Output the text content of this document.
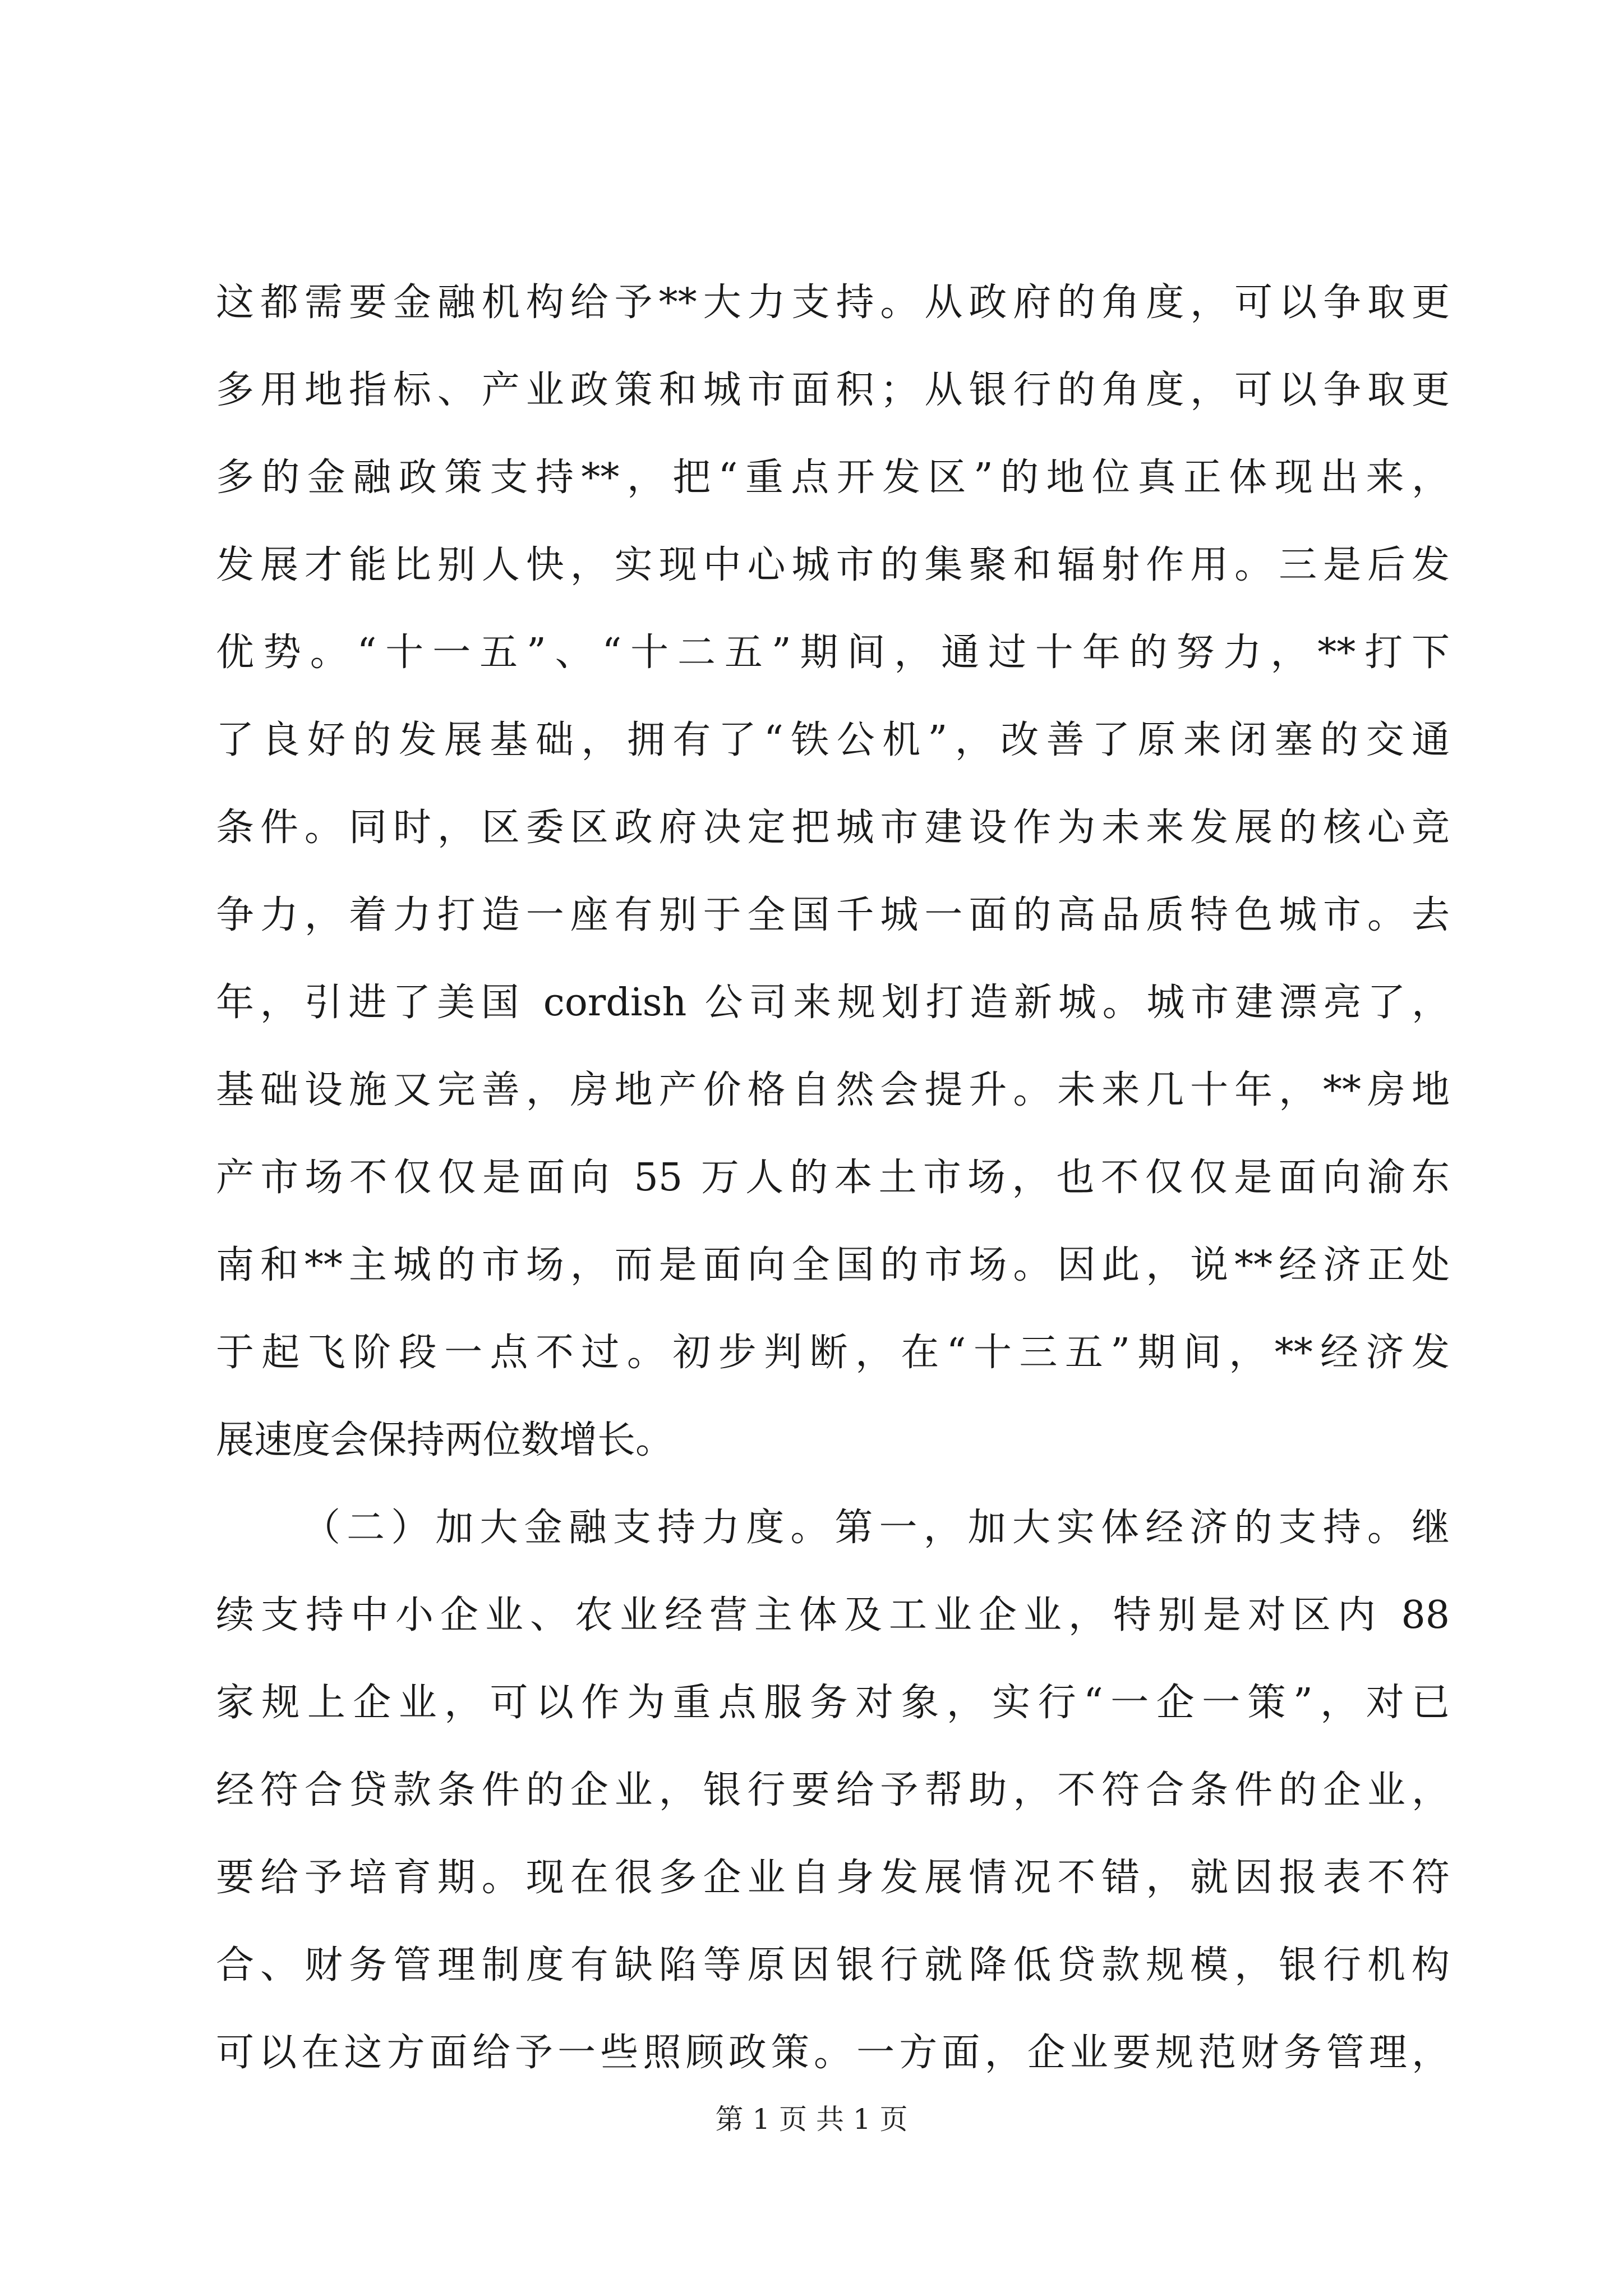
这都需要金融机构给予**大力支持。从政府的角度，可以争取更
多用地指标、产业政策和城市面积；从银行的角度，可以争取更
多的金融政策支持**，把“重点开发区”的地位真正体现出来，
发展才能比别人快，实现中心城市的集聚和辐射作用。三是后发
优势。“十一五”、“十二五”期间，通过十年的努力，**打下
了良好的发展基础，拥有了“铁公机”，改善了原来闭塞的交通
条件。同时，区委区政府决定把城市建设作为未来发展的核心竞
争力，着力打造一座有别于全国千城一面的高品质特色城市。去
年，引进了美国 cordish 公司来规划打造新城。城市建漂亮了，
基础设施又完善，房地产价格自然会提升。未来几十年，**房地
产市场不仅仅是面向 55 万人的本土市场，也不仅仅是面向渝东
南和**主城的市场，而是面向全国的市场。因此，说**经济正处
于起飞阶段一点不过。初步判断，在“十三五”期间，**经济发
展速度会保持两位数增长。
（二）加大金融支持力度。第一，加大实体经济的支持。继
续支持中小企业、农业经营主体及工业企业，特别是对区内 88
家规上企业，可以作为重点服务对象，实行“一企一策”，对已
经符合贷款条件的企业，银行要给予帮助，不符合条件的企业，
要给予培育期。现在很多企业自身发展情况不错，就因报表不符
合、财务管理制度有缺陷等原因银行就降低贷款规模，银行机构
可以在这方面给予一些照顾政策。一方面，企业要规范财务管理，
第 1 页 共 1 页
